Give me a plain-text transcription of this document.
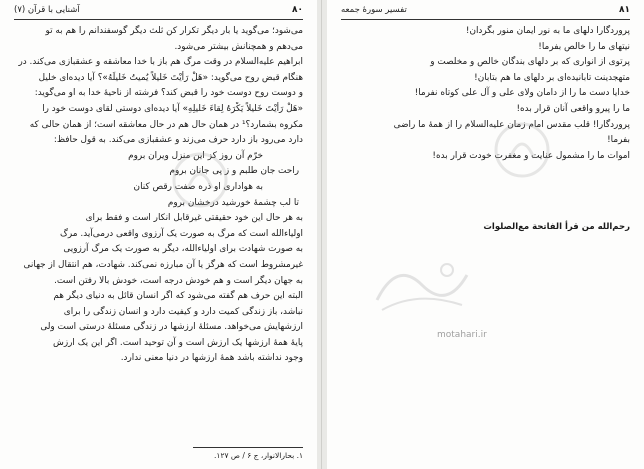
۸۰
آشنایی با قرآن (۷)
می‌شود؛ می‌گوید یا بار دیگر تکرار کن ثلث دیگر گوسفندانم را هم به تو
می‌دهم و همچنانش بیشتر می‌شود.
ابراهیم علیه‌السلام در وقت مرگ هم باز با خدا معاشقه و عشقبازی می‌کند. در
هنگام قبض روح می‌گوید: «هَلْ رَأَیْتَ خَلیلاً یُمیتُ خَلیلَهُ»؟ آیا دیده‌ای خلیل
و دوست روح دوست خود را قبض کند؟ فرشته از ناحیهٔ خدا به او می‌گوید:
«هَلْ رَأَیْتَ خَلیلاً یَکْرَهُ لِقاءَ خَلیلِهِ» آیا دیده‌ای دوستی لقای دوست خود را
مکروه بشمارد؟¹ در همان حال هم در حال معاشقه است؛ از همان حالی که
دارد می‌رود باز دارد حرف می‌زند و عشقبازی می‌کند. به قول حافظ:
خرّم آن روز کز این منزل ویران بروم
راحت جان طلبم و ز پی جانان بروم
به هواداری او ذره صفت رقص کنان
تا لب چشمهٔ خورشید درخشان بروم
به هر حال این خود حقیقتی غیرقابل انکار است و فقط برای
اولیاءالله است که مرگ به صورت یک آرزوی واقعی درمی‌آید. مرگ
به صورت شهادت برای اولیاءالله، دیگر به صورت یک مرگ آرزویی
غیرمشروط است که هرگز یا آن مبارزه نمی‌کند. شهادت، هم انتقال از جهانی
به جهان دیگر است و هم خودش درجه است، خودش بالا رفتن است.
البته این حرف هم گفته می‌شود که اگر انسان قائل به دنیای دیگر هم
نباشد، باز زندگی کمیت دارد و کیفیت دارد و انسان زندگی را برای
ارزشهایش می‌خواهد. مسئلهٔ ارزشها در زندگی مسئلهٔ درستی است ولی
پایهٔ همهٔ ارزشها یک ارزش است و آن توحید است. اگر این یک ارزش
وجود نداشته باشد همهٔ ارزشها در دنیا معنی ندارد.
۱. بحارالانوار، ج ۶ / ص ۱۲۷.
۸۱
تفسیر سورهٔ جمعه
پروردگارا دلهای ما به نور ایمان منور بگردان!
نیتهای ما را خالص بفرما!
پرتوی از انواری که بر دلهای بندگان خالص و مخلصت و
متهجدینت تابانیده‌ای بر دلهای ما هم بتابان!
خدایا دست ما را از دامان ولای علی و آل علی کوتاه نفرما!
ما را پیرو واقعی آنان قرار بده!
پروردگارا! قلب مقدس امام زمان علیه‌السلام را از همهٔ ما راضی
بفرما!
اموات ما را مشمول عنایت و مغفرت خودت قرار بده!
رحم‌الله من قرأ الفاتحة مع‌الصلوات
motahari.ir
